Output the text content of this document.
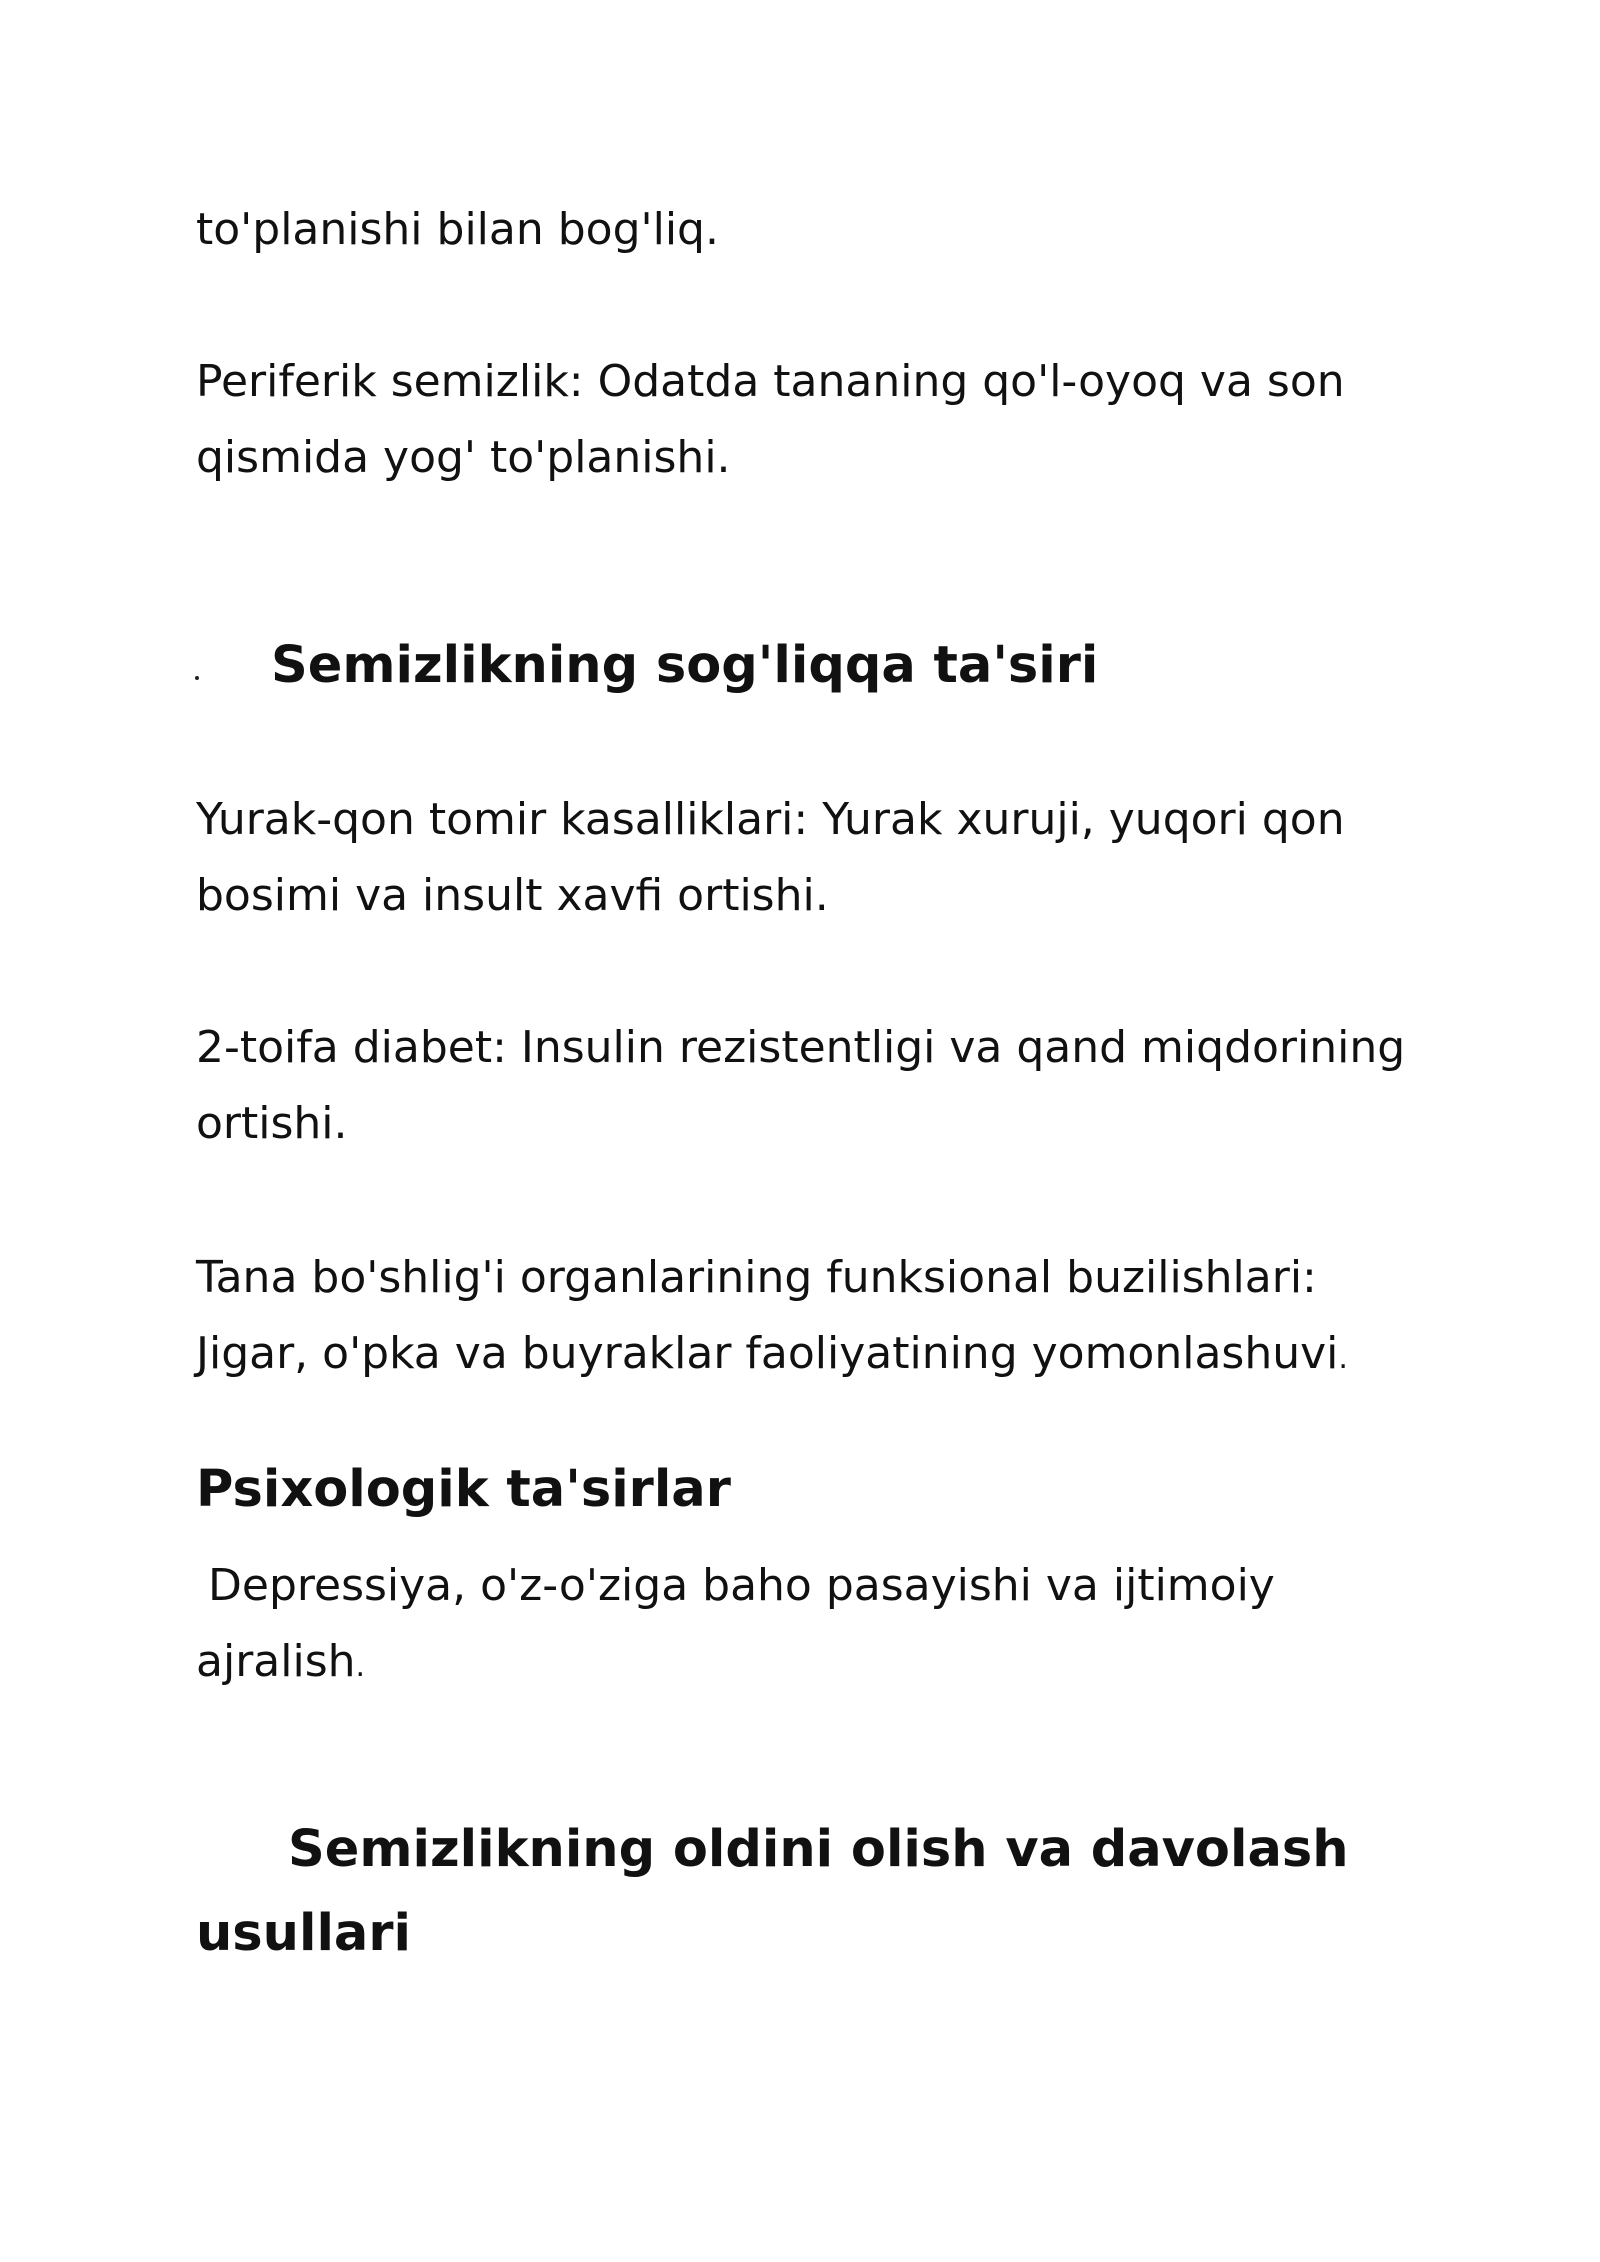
to'planishi bilan bog'liq.

Periferik semizlik: Odatda tananing qo'l-oyoq va son qismida yog' to'planishi.

Semizlikning sog'liqqa ta'siri

Yurak-qon tomir kasalliklari: Yurak xuruji, yuqori qon bosimi va insult xavfi ortishi.

2-toifa diabet: Insulin rezistentligi va qand miqdorining ortishi.

Tana bo'shlig'i organlarining funksional buzilishlari: Jigar, o'pka va buyraklar faoliyatining yomonlashuvi.

Psixologik ta'sirlar

Depressiya, o'z-o'ziga baho pasayishi va ijtimoiy ajralish.

Semizlikning oldini olish va davolash usullari
